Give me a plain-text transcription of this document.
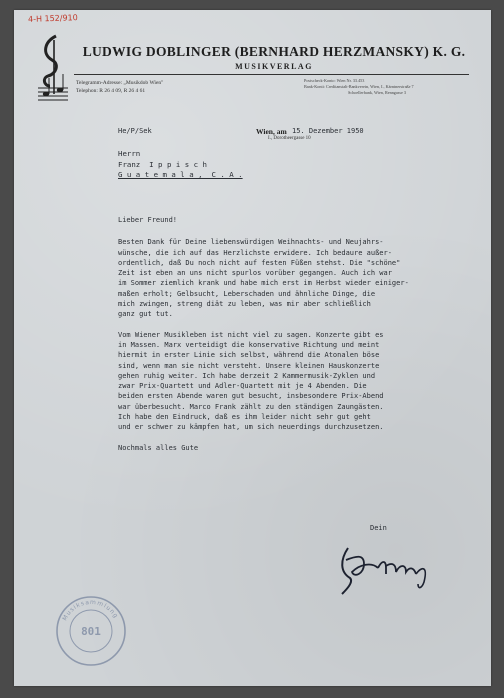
4-H 152/910
LUDWIG DOBLINGER (BERNHARD HERZMANSKY) K. G.
MUSIKVERLAG
Telegramm-Adresse: „Musikdob Wien"
Telephon: R 26 4 09, R 26 4 61
Postscheck-Konto: Wien Nr. 33.453
Bank-Konti: Creditanstalt-Bankverein, Wien, I., Kärntnerstraße 7
Schoellerbank, Wien, Renngasse 3
He/P/Sek	Wien, am 15. Dezember 1950
I., Dorotheergasse 10
Herrn
Franz  I p p i s c h
G u a t e m a l a ,  C . A .

Lieber Freund!

Besten Dank für Deine liebenswürdigen Weihnachts- und Neujahrs-
wünsche, die ich auf das Herzlichste erwidere. Ich bedaure außer-
ordentlich, daß Du noch nicht auf festen Füßen stehst. Die "schöne"
Zeit ist eben an uns nicht spurlos vorüber gegangen. Auch ich war
im Sommer ziemlich krank und habe mich erst im Herbst wieder einiger-
maßen erholt; Gelbsucht, Leberschaden und ähnliche Dinge, die
mich zwingen, streng diät zu leben, was mir aber schließlich
ganz gut tut.

Vom Wiener Musikleben ist nicht viel zu sagen. Konzerte gibt es
in Massen. Marx verteidigt die konservative Richtung und meint
hiermit in erster Linie sich selbst, während die Atonalen böse
sind, wenn man sie nicht versteht. Unsere kleinen Hauskonzerte
gehen ruhig weiter. Ich habe derzeit 2 Kammermusik-Zyklen und
zwar Prix-Quartett und Adler-Quartett mit je 4 Abenden. Die
beiden ersten Abende waren gut besucht, insbesondere Prix-Abend
war überbesucht. Marco Frank zählt zu den ständigen Zaungästen.
Ich habe den Eindruck, daß es ihm leider nicht sehr gut geht
und er schwer zu kämpfen hat, um sich neuerdings durchzusetzen.

Nochmals alles Gute

Dein
Musiksammlung
801
